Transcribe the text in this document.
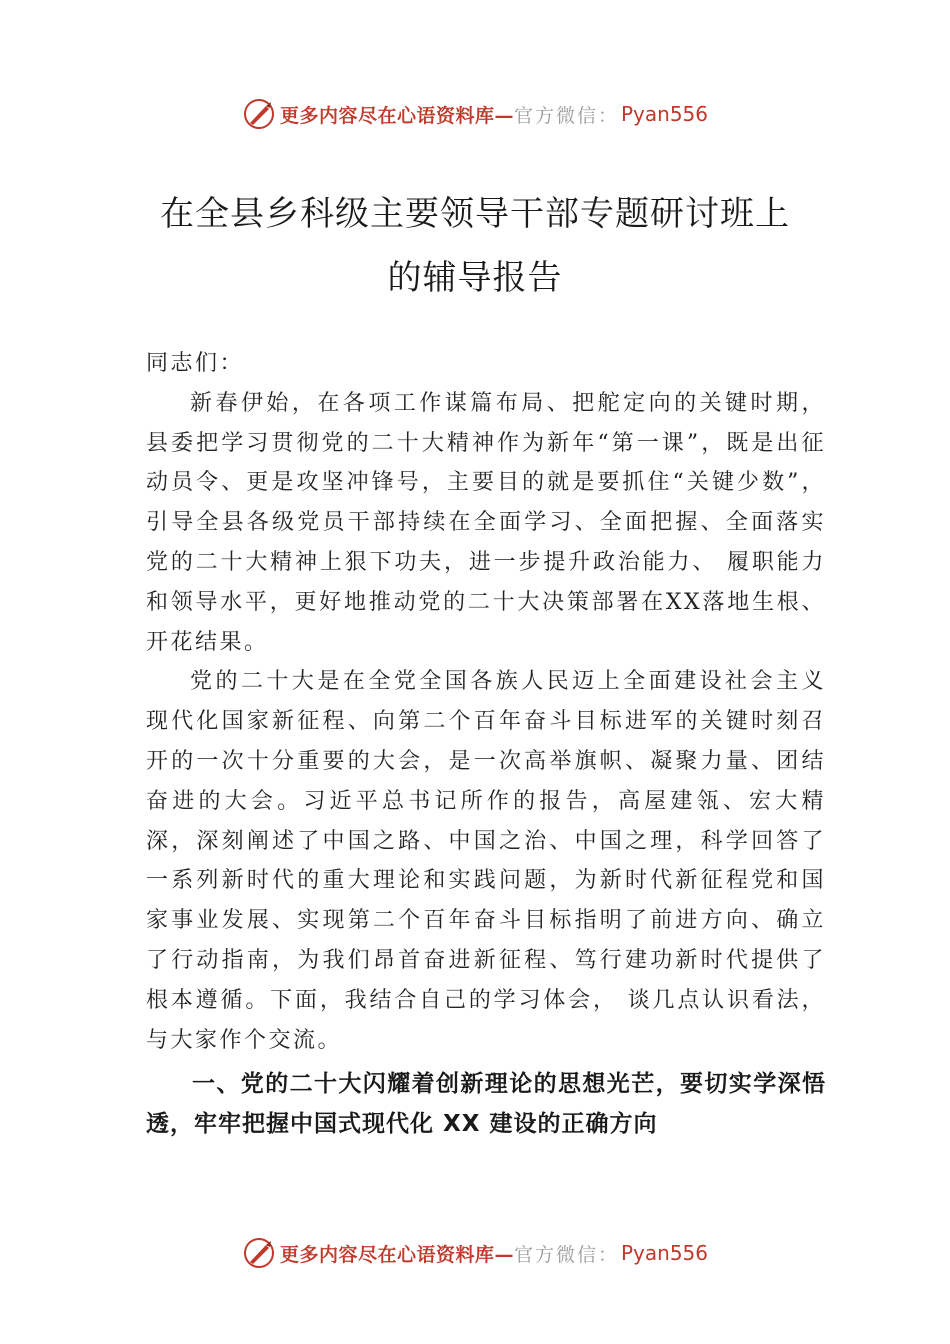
更多内容尽在心语资料库— 官方微信： Pyan556
在全县乡科级主要领导干部专题研讨班上
的辅导报告

同志们：

新春伊始，在各项工作谋篇布局、把舵定向的关键时期，县委把学习贯彻党的二十大精神作为新年“第一课”，既是出征动员令、更是攻坚冲锋号，主要目的就是要抓住“关键少数”，引导全县各级党员干部持续在全面学习、全面把握、全面落实党的二十大精神上狠下功夫，进一步提升政治能力、 履职能力和领导水平，更好地推动党的二十大决策部署在XX落地生根、开花结果。

党的二十大是在全党全国各族人民迈上全面建设社会主义现代化国家新征程、向第二个百年奋斗目标进军的关键时刻召开的一次十分重要的大会，是一次高举旗帜、凝聚力量、团结奋进的大会。习近平总书记所作的报告，高屋建瓴、宏大精深，深刻阐述了中国之路、中国之治、中国之理，科学回答了一系列新时代的重大理论和实践问题，为新时代新征程党和国家事业发展、实现第二个百年奋斗目标指明了前进方向、确立了行动指南，为我们昂首奋进新征程、笃行建功新时代提供了根本遵循。下面，我结合自己的学习体会， 谈几点认识看法，与大家作个交流。

一、党的二十大闪耀着创新理论的思想光芒，要切实学深悟透，牢牢把握中国式现代化 XX 建设的正确方向

更多内容尽在心语资料库— 官方微信： Pyan556
